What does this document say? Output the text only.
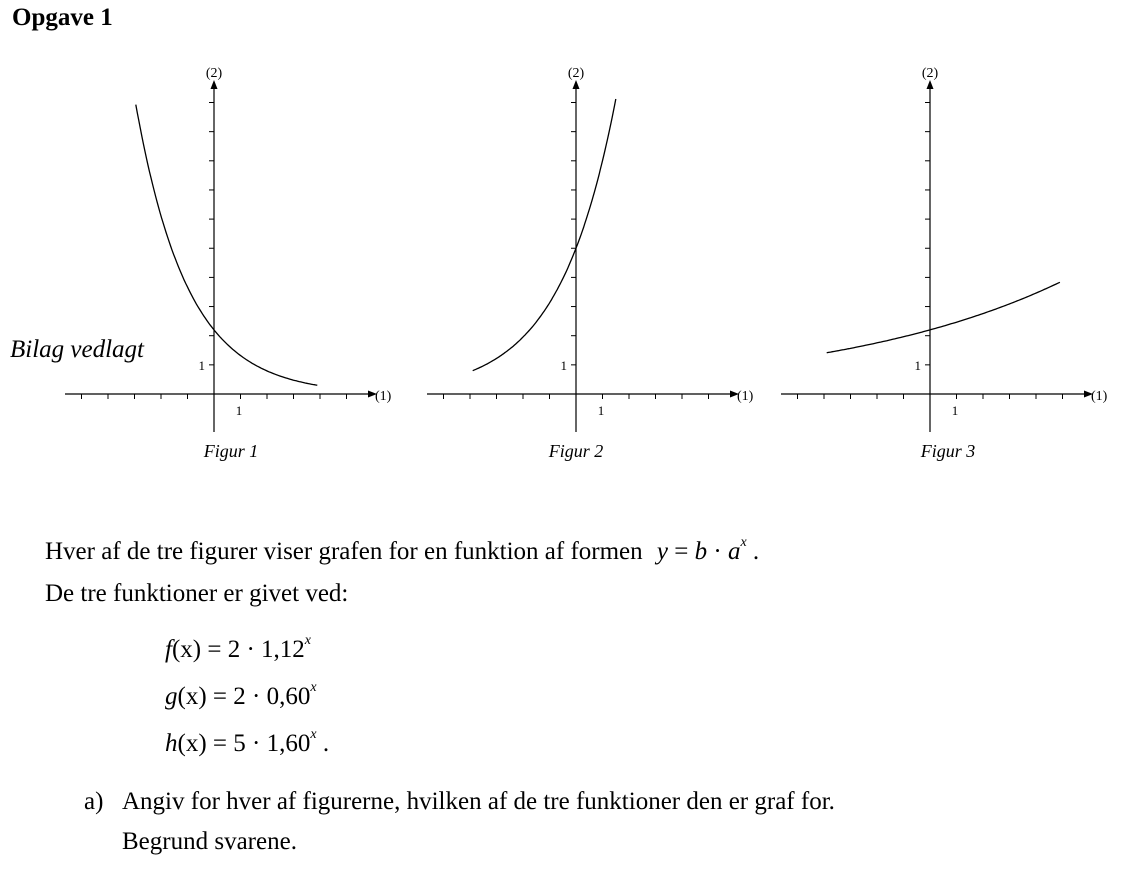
Opgave 1
Bilag vedlagt
(2)
(1)
1
1
Figur 1
(2)
(1)
1
1
Figur 2
(2)
(1)
1
1
Figur 3
Hver af de tre figurer viser grafen for en funktion af formen $y = b \cdot a^x$ .
De tre funktioner er givet ved:
$f(x) = 2 \cdot 1,12^x$
$g(x) = 2 \cdot 0,60^x$
$h(x) = 5 \cdot 1,60^x$ .
a) Angiv for hver af figurerne, hvilken af de tre funktioner den er graf for.
Begrund svarene.
